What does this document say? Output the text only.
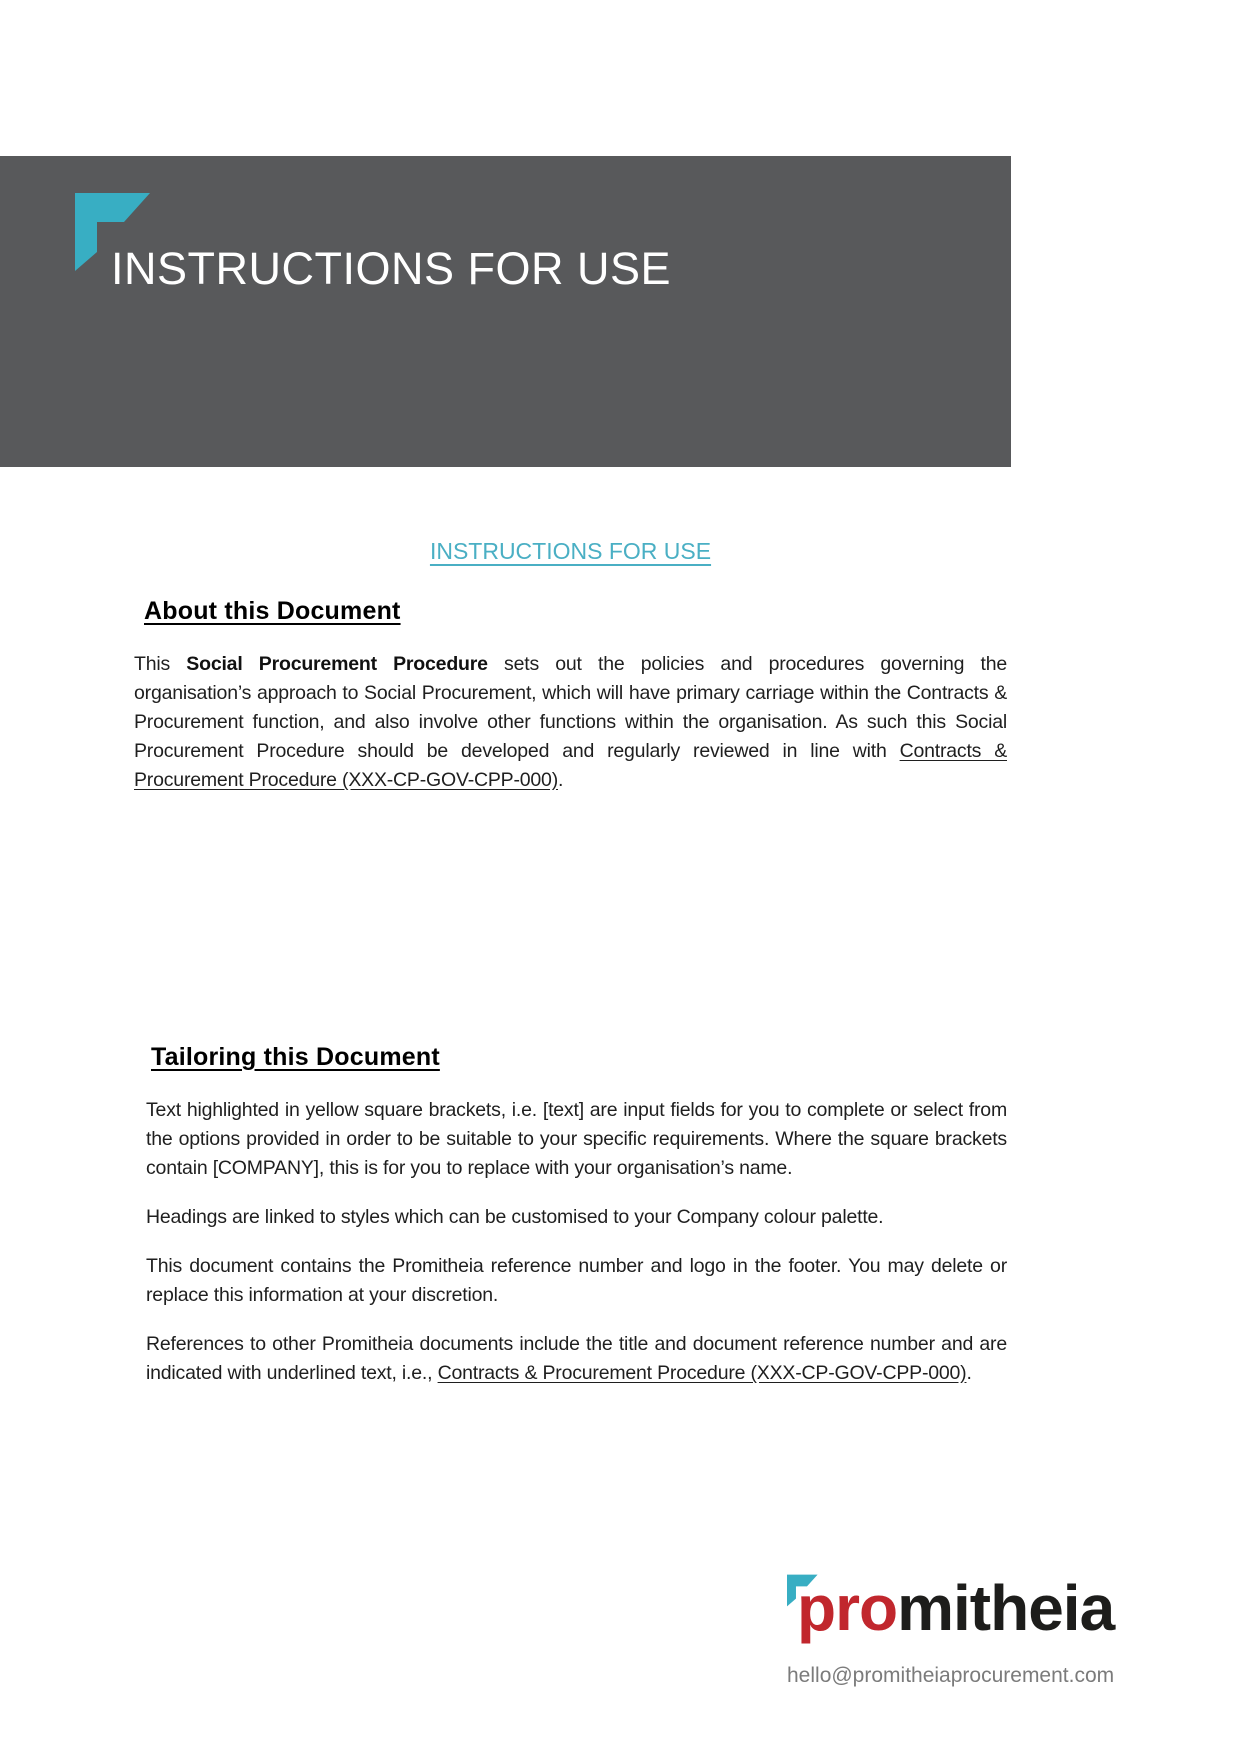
INSTRUCTIONS FOR USE
INSTRUCTIONS FOR USE
About this Document

This Social Procurement Procedure sets out the policies and procedures governing the organisation’s approach to Social Procurement, which will have primary carriage within the Contracts & Procurement function, and also involve other functions within the organisation. As such this Social Procurement Procedure should be developed and regularly reviewed in line with Contracts & Procurement Procedure (XXX-CP-GOV-CPP-000).

Tailoring this Document

Text highlighted in yellow square brackets, i.e. [text] are input fields for you to complete or select from the options provided in order to be suitable to your specific requirements. Where the square brackets contain [COMPANY], this is for you to replace with your organisation’s name.

Headings are linked to styles which can be customised to your Company colour palette.

This document contains the Promitheia reference number and logo in the footer. You may delete or replace this information at your discretion.

References to other Promitheia documents include the title and document reference number and are indicated with underlined text, i.e., Contracts & Procurement Procedure (XXX-CP-GOV-CPP-000).

promitheia
hello@promitheiaprocurement.com
